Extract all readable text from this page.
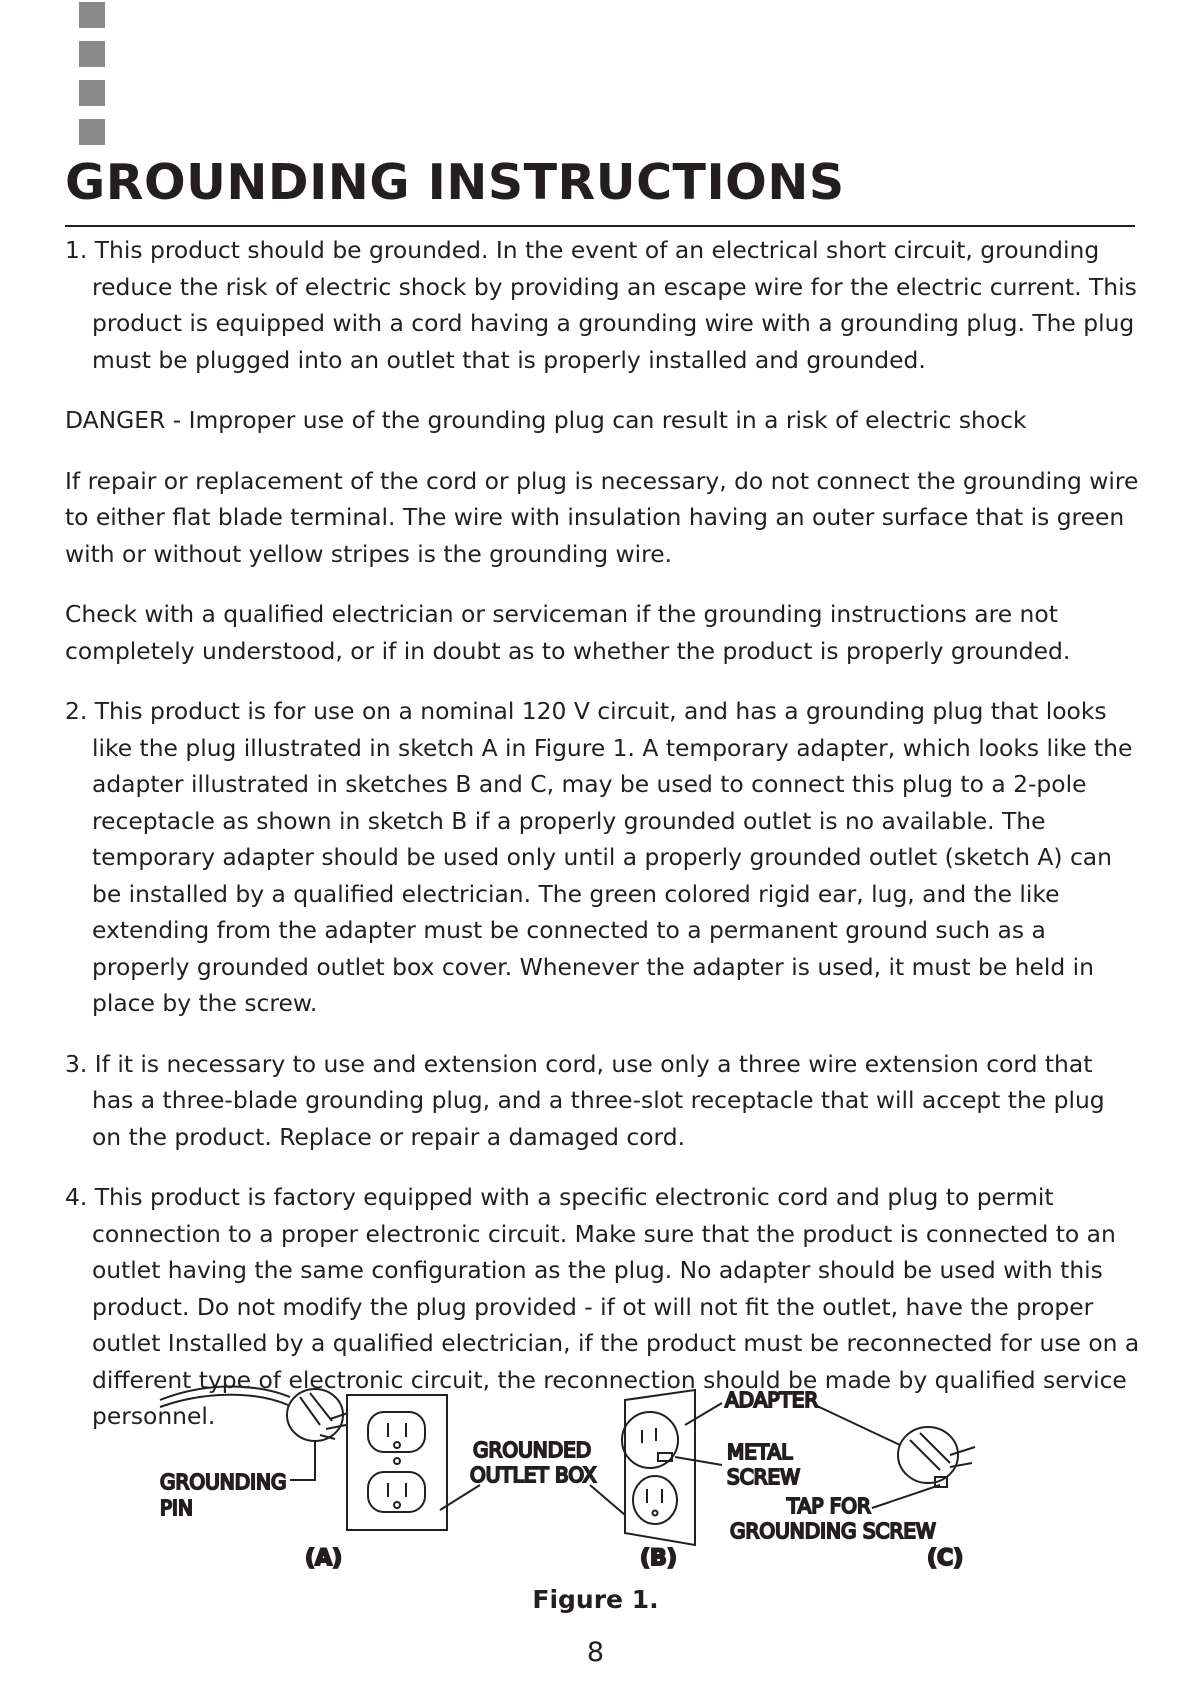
GROUNDING INSTRUCTIONS

1. This product should be grounded. In the event of an electrical short circuit, grounding reduce the risk of electric shock by providing an escape wire for the electric current. This product is equipped with a cord having a grounding wire with a grounding plug. The plug must be plugged into an outlet that is properly installed and grounded.

DANGER - Improper use of the grounding plug can result in a risk of electric shock

If repair or replacement of the cord or plug is necessary, do not connect the grounding wire to either flat blade terminal. The wire with insulation having an outer surface that is green with or without yellow stripes is the grounding wire.

Check with a qualified electrician or serviceman if the grounding instructions are not completely understood, or if in doubt as to whether the product is properly grounded.

2. This product is for use on a nominal 120 V circuit, and has a grounding plug that looks like the plug illustrated in sketch A in Figure 1. A temporary adapter, which looks like the adapter illustrated in sketches B and C, may be used to connect this plug to a 2-pole receptacle as shown in sketch B if a properly grounded outlet is no available. The temporary adapter should be used only until a properly grounded outlet (sketch A) can be installed by a qualified electrician. The green colored rigid ear, lug, and the like extending from the adapter must be connected to a permanent ground such as a properly grounded outlet box cover. Whenever the adapter is used, it must be held in place by the screw.

3. If it is necessary to use and extension cord, use only a three wire extension cord that has a three-blade grounding plug, and a three-slot receptacle that will accept the plug on the product. Replace or repair a damaged cord.

4. This product is factory equipped with a specific electronic cord and plug to permit connection to a proper electronic circuit. Make sure that the product is connected to an outlet having the same configuration as the plug. No adapter should be used with this product. Do not modify the plug provided - if ot will not fit the outlet, have the proper outlet Installed by a qualified electrician, if the product must be reconnected for use on a different type of electronic circuit, the reconnection should be made by qualified service personnel.

GROUNDING
PIN
(A)
GROUNDED
OUTLET BOX
(B)
ADAPTER
METAL
SCREW
TAP FOR
GROUNDING SCREW
(C)

Figure 1.

8
